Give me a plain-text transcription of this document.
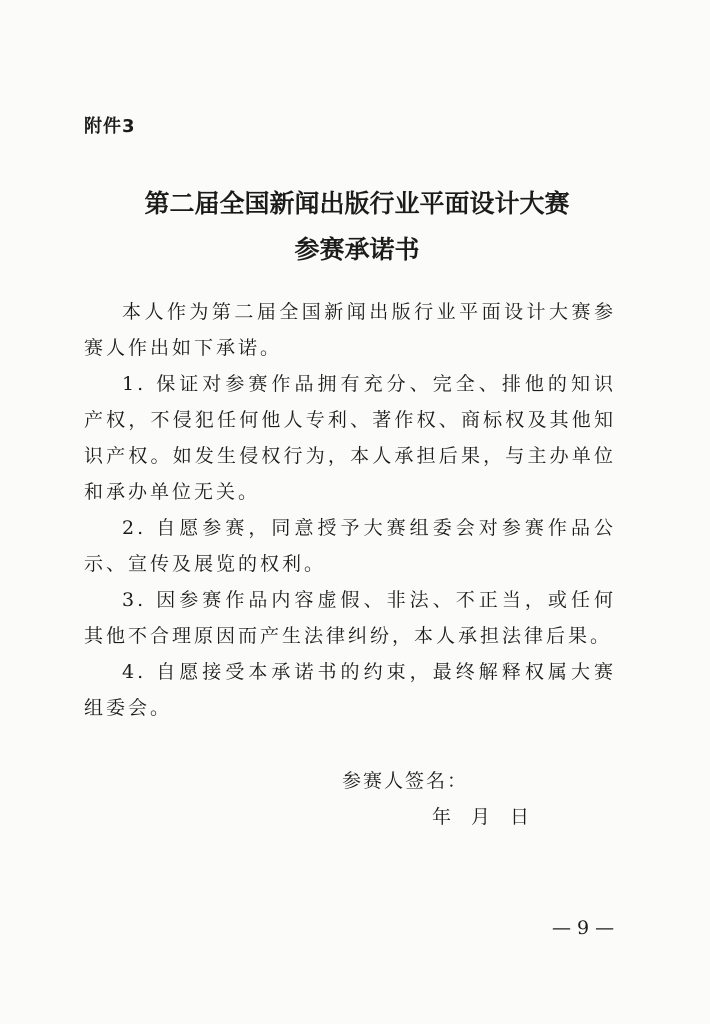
附件3
第二届全国新闻出版行业平面设计大赛
参赛承诺书

本人作为第二届全国新闻出版行业平面设计大赛参赛人作出如下承诺。

1. 保证对参赛作品拥有充分、完全、排他的知识产权，不侵犯任何他人专利、著作权、商标权及其他知识产权。如发生侵权行为，本人承担后果，与主办单位和承办单位无关。

2. 自愿参赛，同意授予大赛组委会对参赛作品公示、宣传及展览的权利。

3. 因参赛作品内容虚假、非法、不正当，或任何其他不合理原因而产生法律纠纷，本人承担法律后果。

4. 自愿接受本承诺书的约束，最终解释权属大赛组委会。

参赛人签名：
年 月 日
— 9 —
